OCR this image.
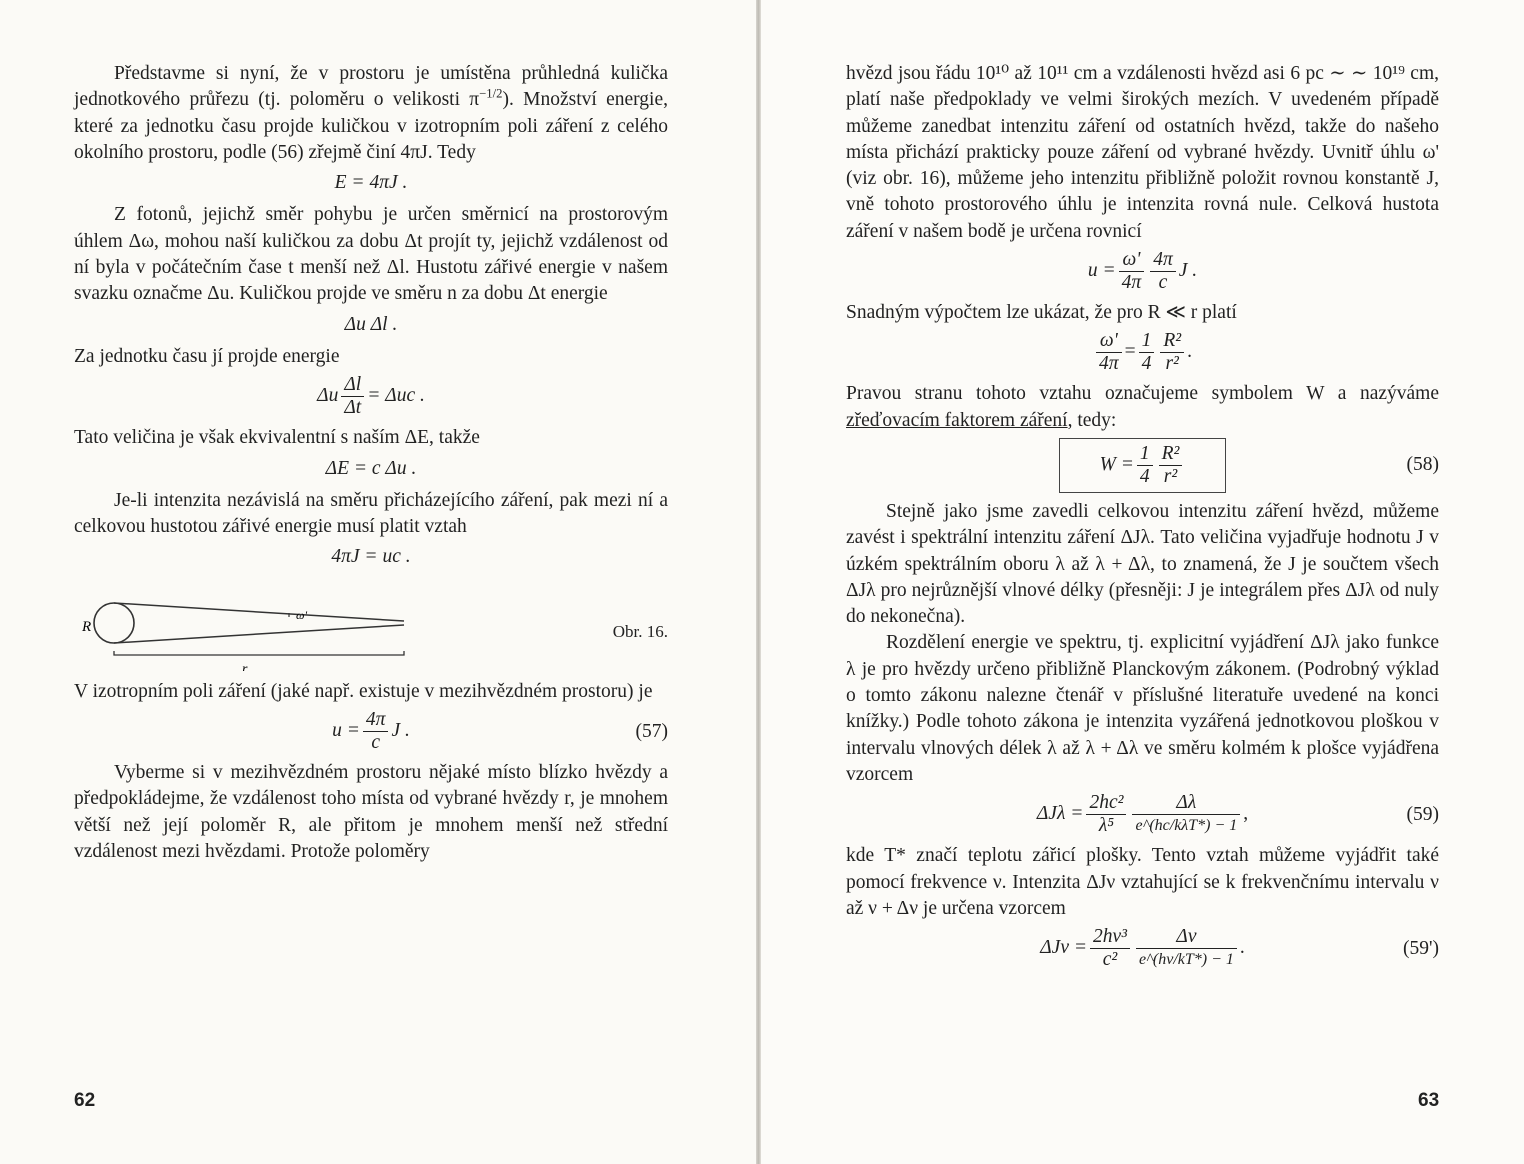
Představme si nyní, že v prostoru je umístěna průhledná kulička jednotkového průřezu (tj. poloměru o velikosti $\pi^{-1/2}$). Množství energie, které za jednotku času projde kuličkou v izotropním poli záření z celého okolního prostoru, podle (56) zřejmě činí 4πJ. Tedy

E = 4πJ .

Z fotonů, jejichž směr pohybu je určen směrnicí na prostorovým úhlem Δω, mohou naší kuličkou za dobu Δt projít ty, jejichž vzdálenost od ní byla v počátečním čase t menší než Δl. Hustotu zářivé energie v našem svazku označme Δu. Kuličkou projde ve směru n za dobu Δt energie

Δu Δl .

Za jednotku času jí projde energie

Δu $\frac{\Delta l}{\Delta t} = \Delta uc$ .

Tato veličina je však ekvivalentní s naším ΔE, takže

ΔE = c Δu .

Je-li intenzita nezávislá na směru přicházejícího záření, pak mezi ní a celkovou hustotou zářivé energie musí platit vztah

4πJ = uc .
ω'
R
r
Obr. 16.

V izotropním poli záření (jaké např. existuje v mezihvězdném prostoru) je

$u = \frac{4\pi}{c}$ J .	(57)

Vyberme si v mezihvězdném prostoru nějaké místo blízko hvězdy a předpokládejme, že vzdálenost toho místa od vybrané hvězdy r, je mnohem větší než její poloměr R, ale přitom je mnohem menší než střední vzdálenost mezi hvězdami. Protože poloměry

62

hvězd jsou řádu 10¹⁰ až 10¹¹ cm a vzdálenosti hvězd asi 6 pc ∼ ∼ 10¹⁹ cm, platí naše předpoklady ve velmi širokých mezích. V uvedeném případě můžeme zanedbat intenzitu záření od ostatních hvězd, takže do našeho místa přichází prakticky pouze záření od vybrané hvězdy. Uvnitř úhlu ω' (viz obr. 16), můžeme jeho intenzitu přibližně položit rovnou konstantě J, vně tohoto prostorového úhlu je intenzita rovná nule. Celková hustota záření v našem bodě je určena rovnicí

$u = \frac{\omega'}{4\pi} \frac{4\pi}{c}$ J .

Snadným výpočtem lze ukázat, že pro R ≪ r platí

$\frac{\omega'}{4\pi} = \frac{1}{4} \frac{\text{R²}}{\text{r²}}$ .

Pravou stranu tohoto vztahu označujeme symbolem W a nazýváme zřeďovacím faktorem záření, tedy:

$W = \frac{1}{4} \frac{\text{R²}}{\text{r²}}$	(58)

Stejně jako jsme zavedli celkovou intenzitu záření hvězd, můžeme zavést i spektrální intenzitu záření ΔJλ. Tato veličina vyjadřuje hodnotu J v úzkém spektrálním oboru λ až λ + Δλ, to znamená, že J je součtem všech ΔJλ pro nejrůznější vlnové délky (přesněji: J je integrálem přes ΔJλ od nuly do nekonečna).

Rozdělení energie ve spektru, tj. explicitní vyjádření ΔJλ jako funkce λ je pro hvězdy určeno přibližně Planckovým zákonem. (Podrobný výklad o tomto zákonu nalezne čtenář v příslušné literatuře uvedené na konci knížky.) Podle tohoto zákona je intenzita vyzářená jednotkovou ploškou v intervalu vlnových délek λ až λ + Δλ ve směru kolmém k plošce vyjádřena vzorcem

$\Delta J\lambda = \frac{\text{2hc²}}{\text{λ⁵}} \frac{\Delta\lambda}{\text{e\textasciicircum{}(hc/kλT*) − 1}}$ ,	(59)

kde T* značí teplotu zářicí plošky. Tento vztah můžeme vyjádřit také pomocí frekvence ν. Intenzita ΔJν vztahující se k frekvenčnímu intervalu ν až ν + Δν je určena vzorcem

$\Delta J\nu = \frac{\text{2hν³}}{\text{c²}} \frac{\Delta\nu}{e\^{}(h\nu/kT*) - 1}$ .	(59')
63
